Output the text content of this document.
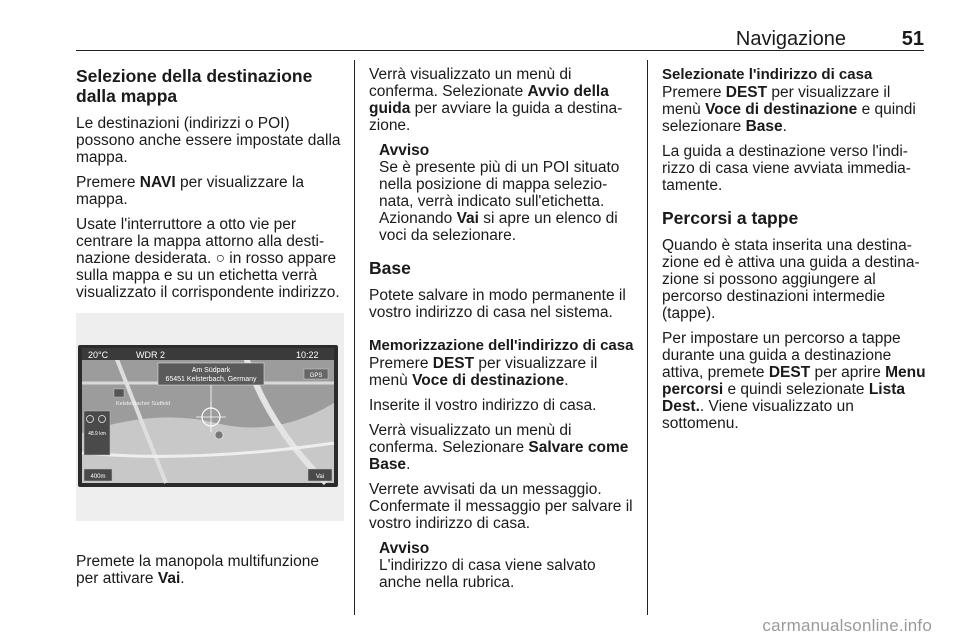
Navigazione	51
Selezione della destinazione dalla mappa

Le destinazioni (indirizzi o POI) possono anche essere impostate dalla mappa.

Premere NAVI per visualizzare la mappa.

Usate l'interruttore a otto vie per centrare la mappa attorno alla desti-nazione desiderata. ○ in rosso appare sulla mappa e su un etichetta verrà visualizzato il corrispondente indirizzo.

20°C	WDR 2	10:22
Am Südpark
65451 Kelsterbach, Germany	GPS
Kelsterbacher Südfeld
48.9 km
400m	Vai

Premete la manopola multifunzione per attivare Vai.

Verrà visualizzato un menù di conferma. Selezionate Avvio della guida per avviare la guida a destina-zione.

Avviso
Se è presente più di un POI situato nella posizione di mappa selezio-nata, verrà indicato sull'etichetta. Azionando Vai si apre un elenco di voci da selezionare.
Base

Potete salvare in modo permanente il vostro indirizzo di casa nel sistema.

Memorizzazione dell'indirizzo di casa

Premere DEST per visualizzare il menù Voce di destinazione.

Inserite il vostro indirizzo di casa.

Verrà visualizzato un menù di conferma. Selezionare Salvare come Base.

Verrete avvisati da un messaggio. Confermate il messaggio per salvare il vostro indirizzo di casa.

Avviso
L'indirizzo di casa viene salvato anche nella rubrica.
Selezionate l'indirizzo di casa

Premere DEST per visualizzare il menù Voce di destinazione e quindi selezionare Base.

La guida a destinazione verso l'indi-rizzo di casa viene avviata immedia-tamente.

Percorsi a tappe

Quando è stata inserita una destina-zione ed è attiva una guida a destina-zione si possono aggiungere al percorso destinazioni intermedie (tappe).

Per impostare un percorso a tappe durante una guida a destinazione attiva, premete DEST per aprire Menu percorsi e quindi selezionate Lista Dest.. Viene visualizzato un sottomenu.

carmanualsonline.info
